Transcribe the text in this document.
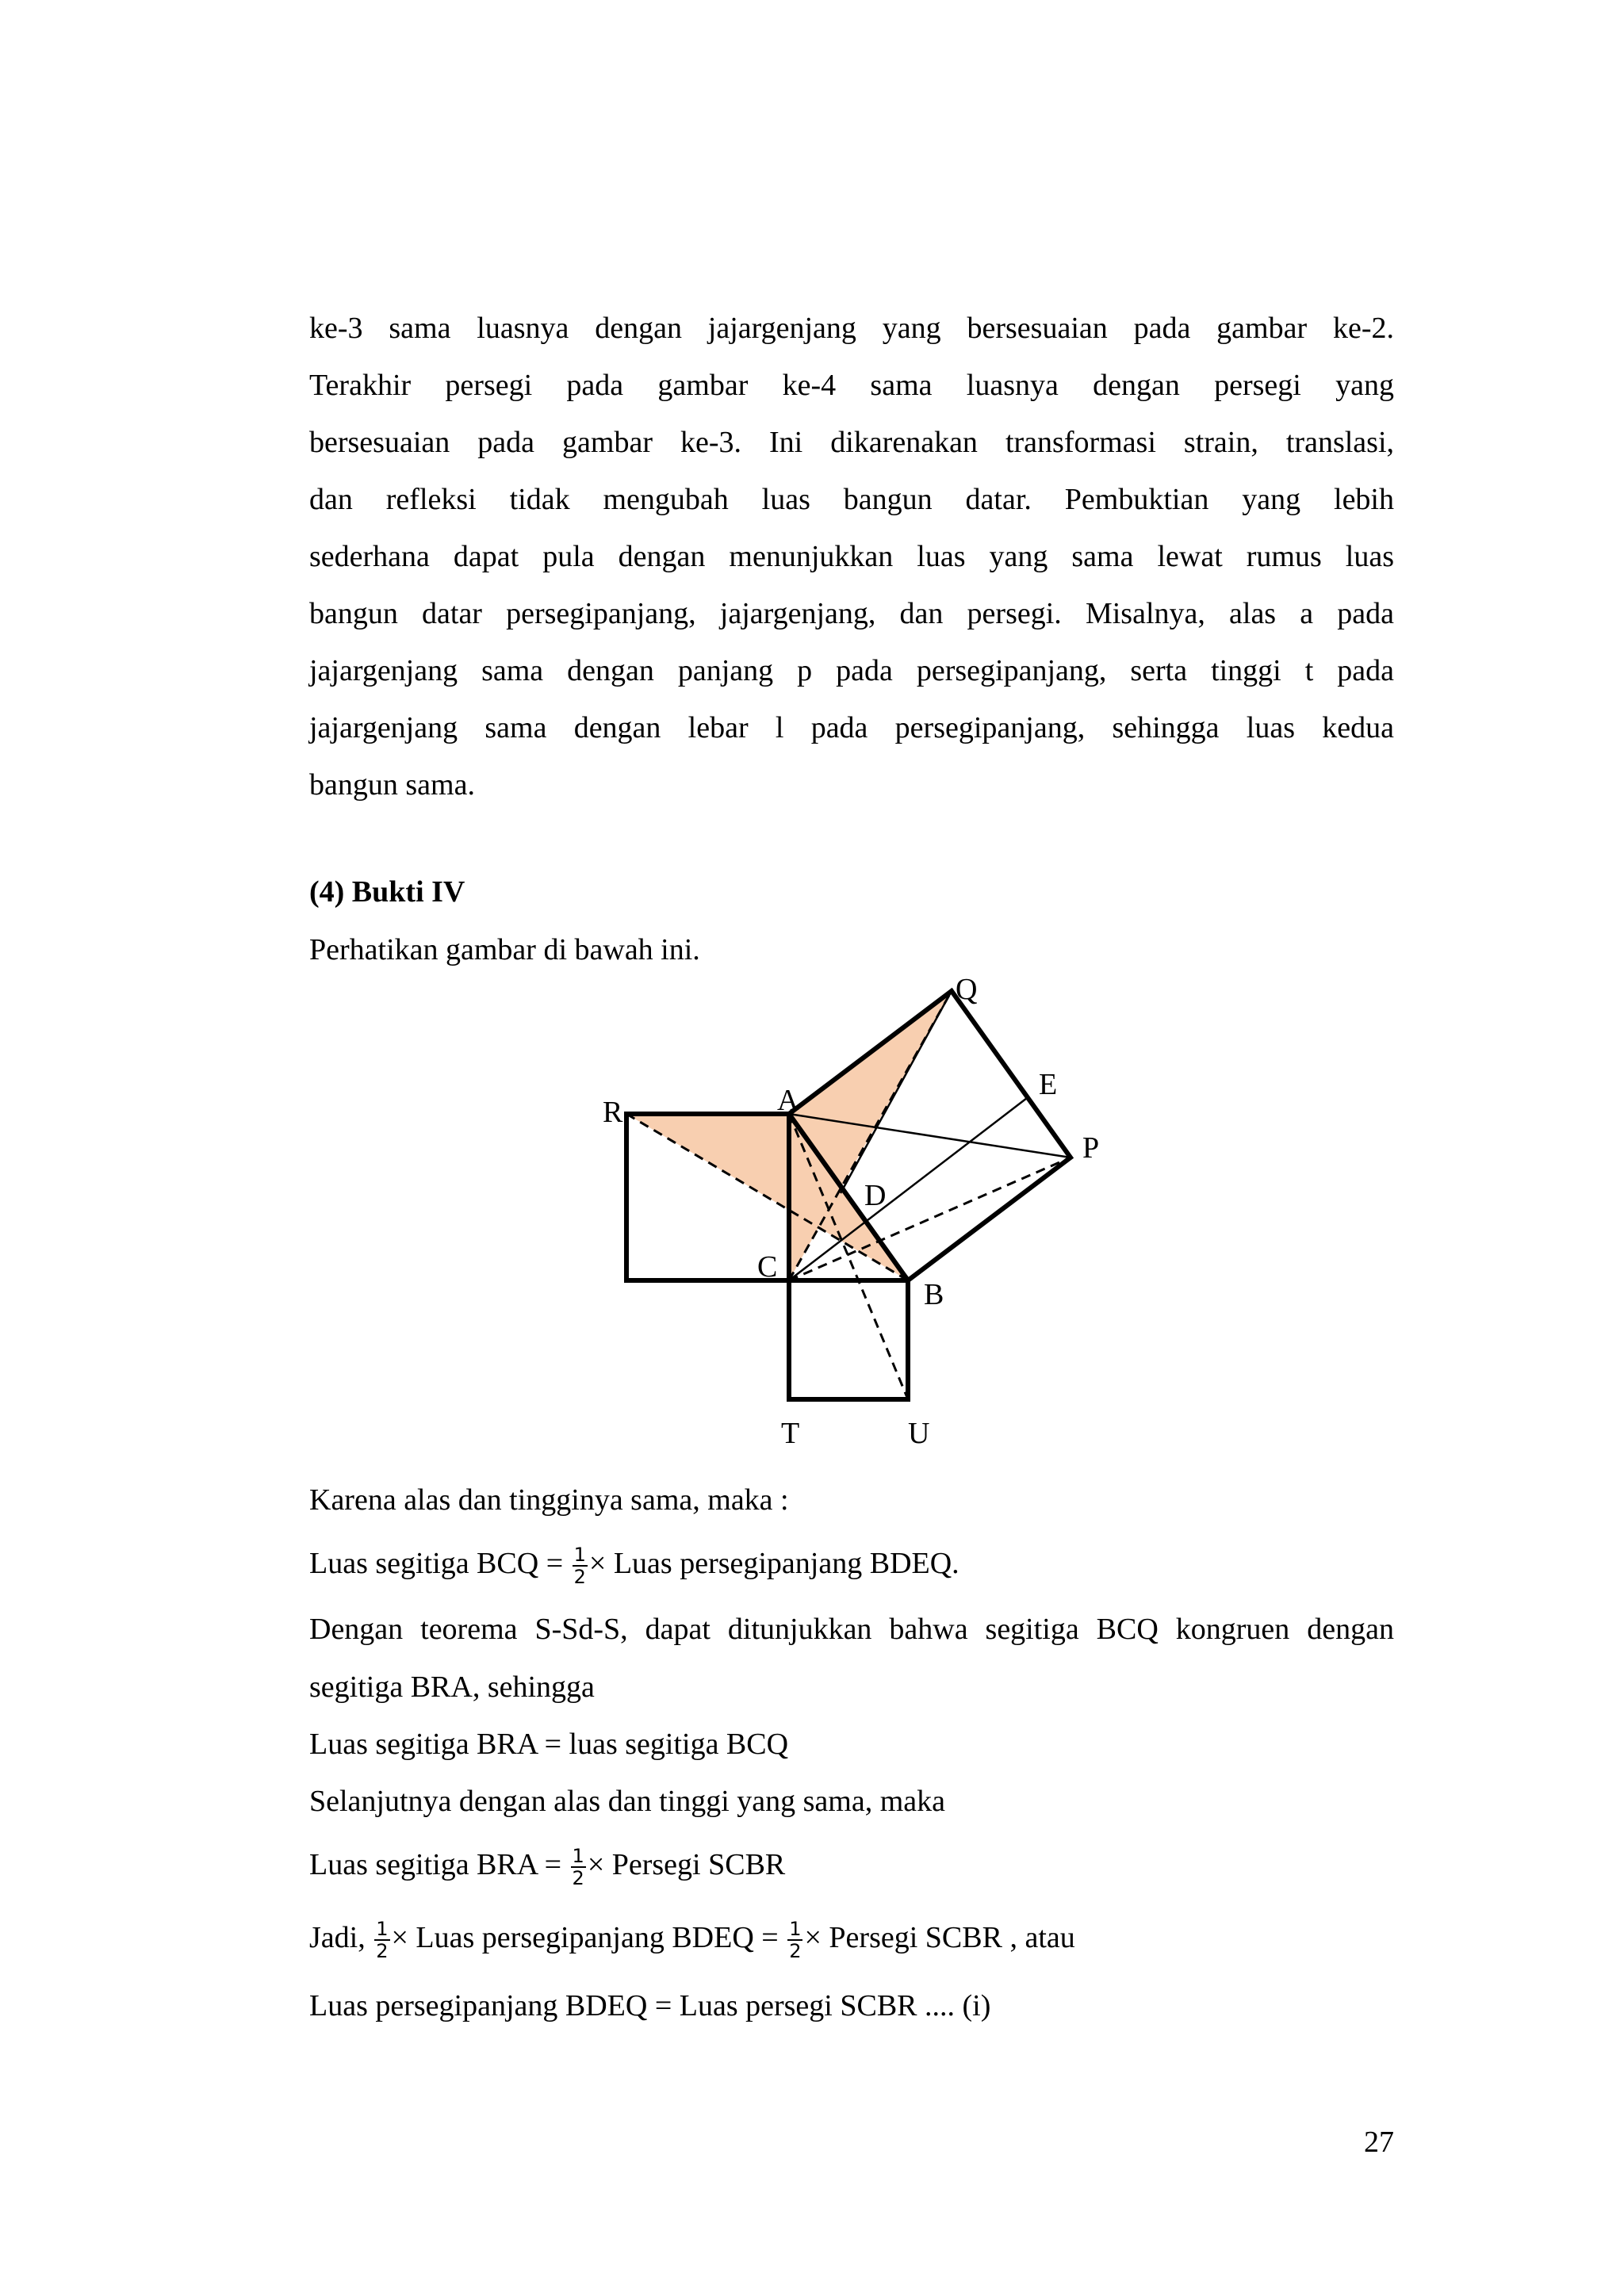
ke-3 sama luasnya dengan jajargenjang yang bersesuaian pada gambar ke-2.
Terakhir persegi pada gambar ke-4 sama luasnya dengan persegi yang
bersesuaian pada gambar ke-3. Ini dikarenakan transformasi strain, translasi,
dan refleksi tidak mengubah luas bangun datar. Pembuktian yang lebih
sederhana dapat pula dengan menunjukkan luas yang sama lewat rumus luas
bangun datar persegipanjang, jajargenjang, dan persegi. Misalnya, alas a pada
jajargenjang sama dengan panjang p pada persegipanjang, serta tinggi t pada
jajargenjang sama dengan lebar l pada persegipanjang, sehingga luas kedua
bangun sama.
(4) Bukti IV
Perhatikan gambar di bawah ini.
Q
A	E
R
P
D
C
B
T	U
Karena alas dan tingginya sama, maka :
Luas segitiga BCQ = $\frac{1}{2}$ × Luas persegipanjang BDEQ.
Dengan teorema S-Sd-S, dapat ditunjukkan bahwa segitiga BCQ kongruen dengan
segitiga BRA, sehingga
Luas segitiga BRA = luas segitiga BCQ
Selanjutnya dengan alas dan tinggi yang sama, maka
Luas segitiga BRA = $\frac{1}{2}$ × Persegi SCBR
Jadi, $\frac{1}{2}$ × Luas persegipanjang BDEQ = $\frac{1}{2}$ × Persegi SCBR , atau
Luas persegipanjang BDEQ = Luas persegi SCBR .... (i)
27
